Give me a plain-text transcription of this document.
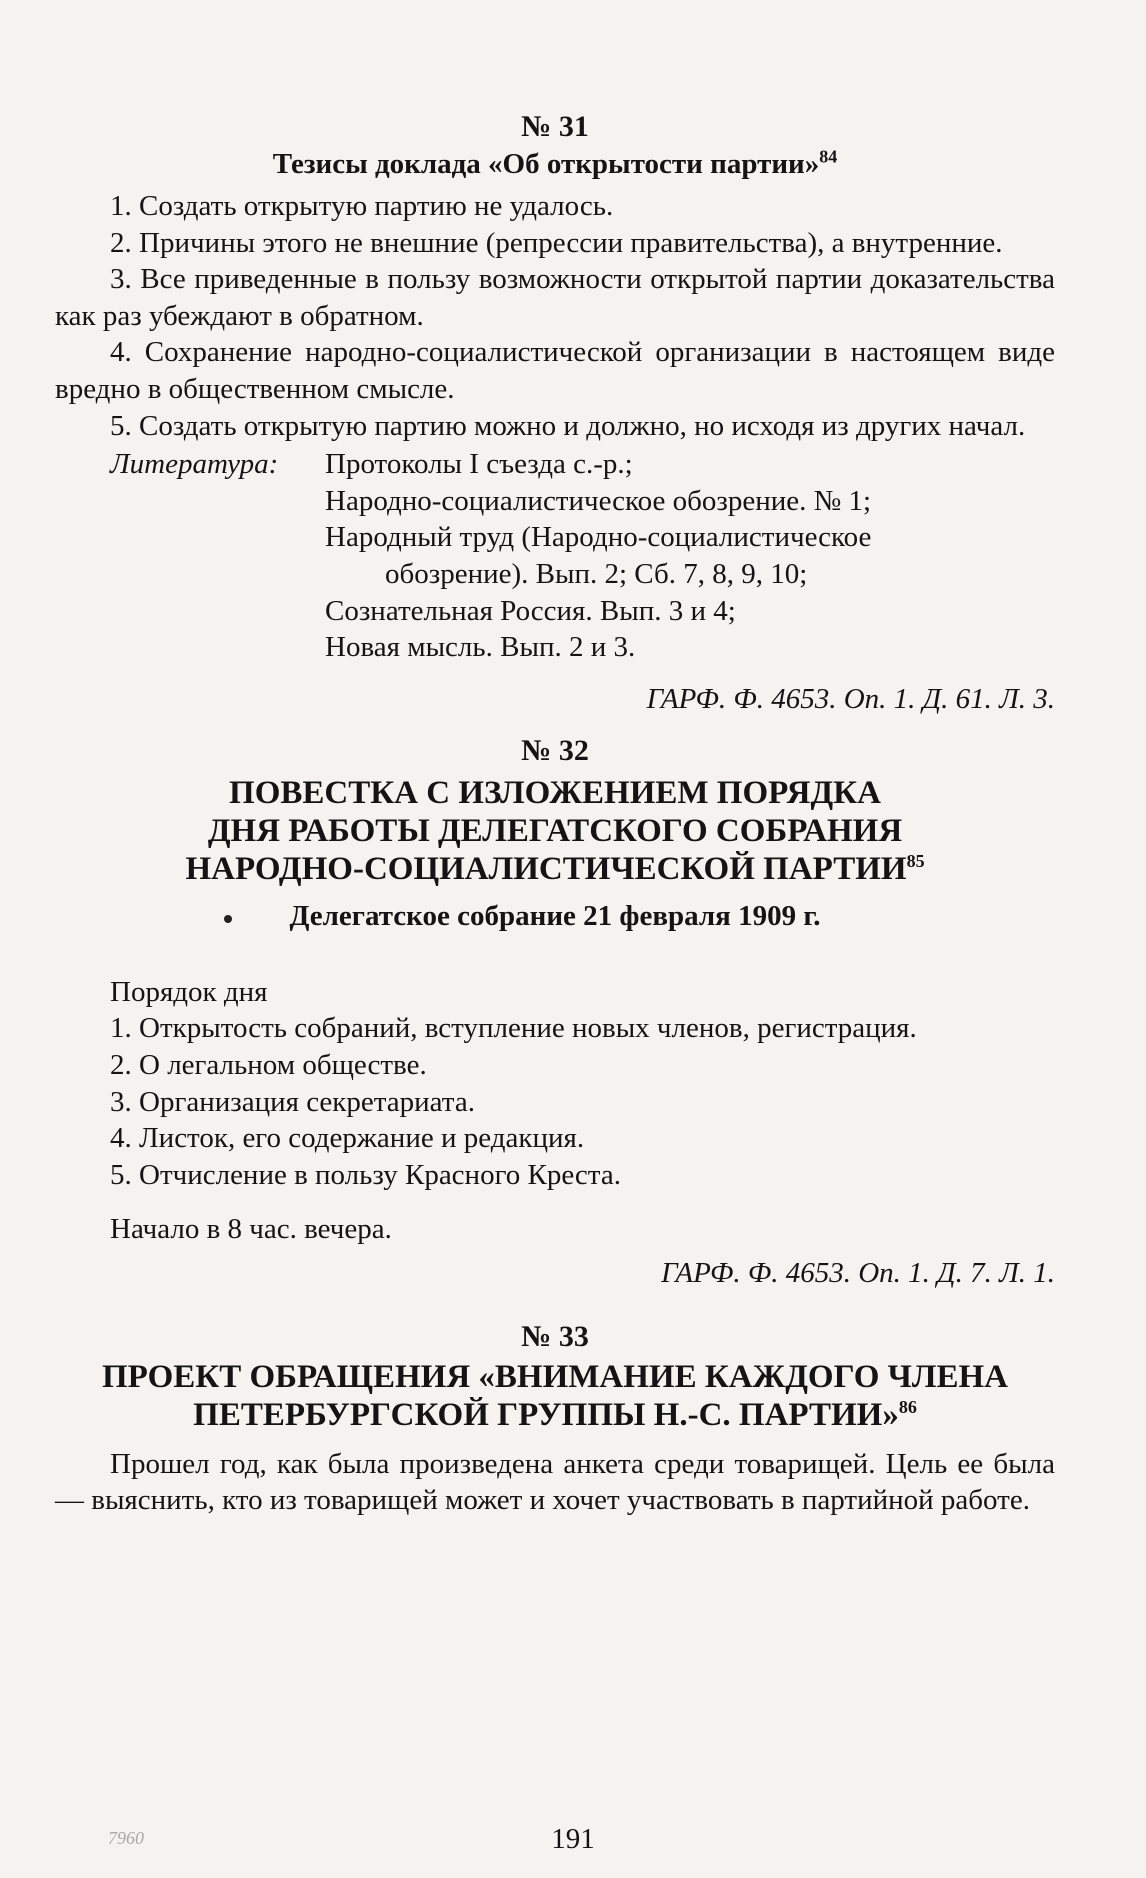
№ 31
Тезисы доклада «Об открытости партии»$^{84}$

1. Создать открытую партию не удалось.

2. Причины этого не внешние (репрессии правительства), а внутренние.

3. Все приведенные в пользу возможности открытой партии доказательства как раз убеждают в обратном.

4. Сохранение народно-социалистической организации в настоящем виде вредно в общественном смысле.

5. Создать открытую партию можно и должно, но исходя из других начал.

Литература:	Протоколы I съезда с.-р.;
Народно-социалистическое обозрение. № 1;
Народный труд (Народно-социалистическое
обозрение). Вып. 2; Сб. 7, 8, 9, 10;
Сознательная Россия. Вып. 3 и 4;
Новая мысль. Вып. 2 и 3.
ГАРФ. Ф. 4653. Оп. 1. Д. 61. Л. 3.
№ 32
ПОВЕСТКА С ИЗЛОЖЕНИЕМ ПОРЯДКА
ДНЯ РАБОТЫ ДЕЛЕГАТСКОГО СОБРАНИЯ
НАРОДНО-СОЦИАЛИСТИЧЕСКОЙ ПАРТИИ$^{85}$
Делегатское собрание 21 февраля 1909 г.
Порядок дня

1. Открытость собраний, вступление новых членов, регистрация.

2. О легальном обществе.
3. Организация секретариата.
4. Листок, его содержание и редакция.
5. Отчисление в пользу Красного Креста.
Начало в 8 час. вечера.
ГАРФ. Ф. 4653. Оп. 1. Д. 7. Л. 1.
№ 33
ПРОЕКТ ОБРАЩЕНИЯ «ВНИМАНИЕ КАЖДОГО ЧЛЕНА
ПЕТЕРБУРГСКОЙ ГРУППЫ Н.-С. ПАРТИИ»$^{86}$

Прошел год, как была произведена анкета среди товарищей. Цель ее была — выяснить, кто из товарищей может и хочет участвовать в партийной работе.

7960	191
